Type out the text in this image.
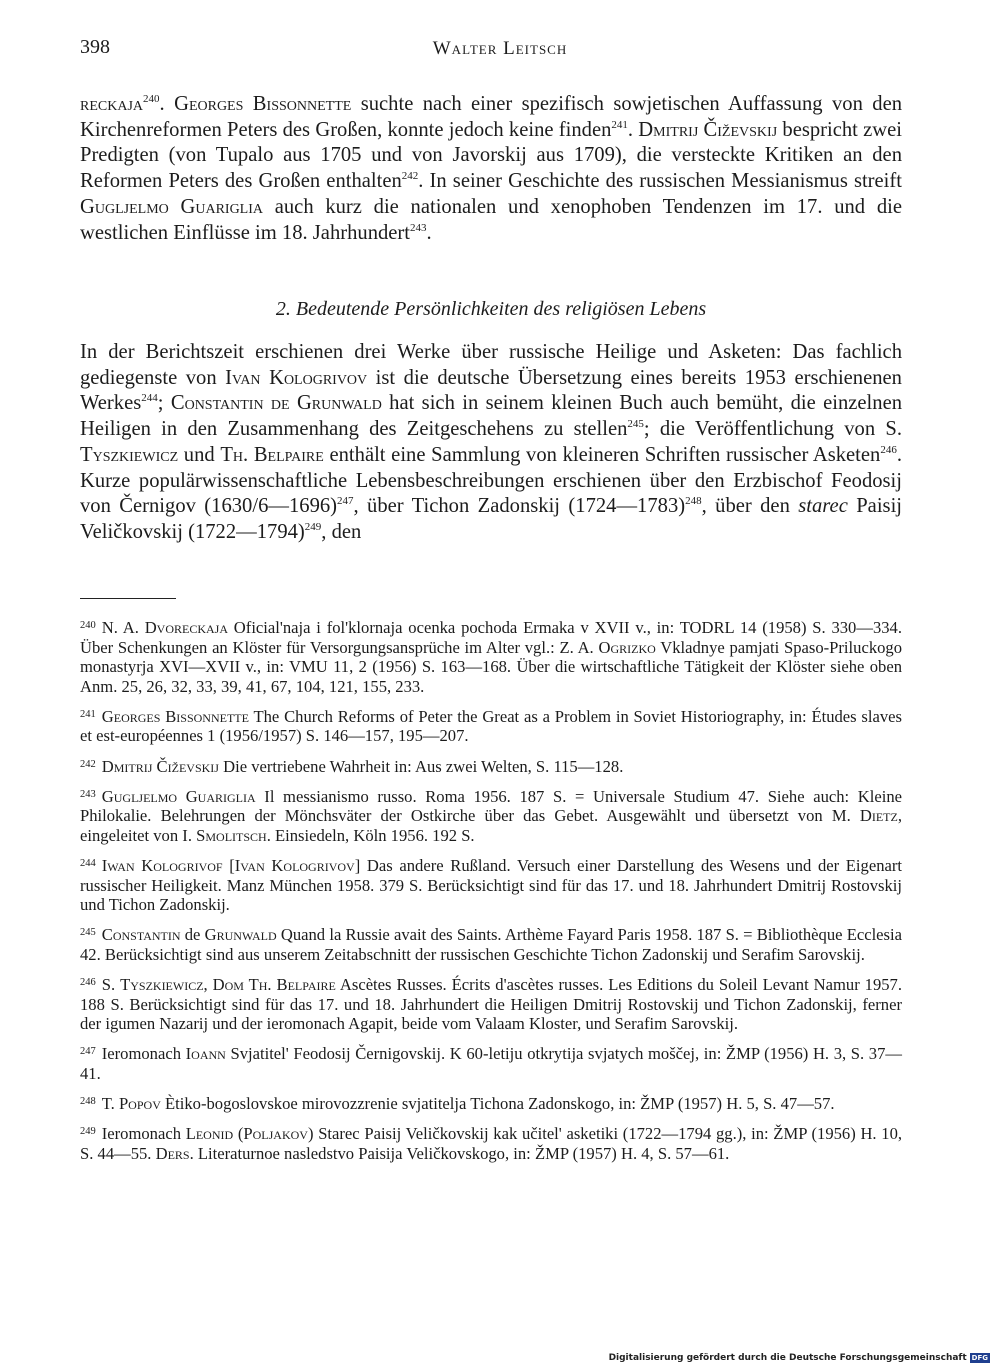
398	Walter Leitsch
reckaja$^{240}$. Georges Bissonnette suchte nach einer spezifisch sowjetischen Auffassung von den Kirchenreformen Peters des Großen, konnte jedoch keine finden$^{241}$. Dmitrij Čiževskij bespricht zwei Predigten (von Tupalo aus 1705 und von Javorskij aus 1709), die versteckte Kritiken an den Reformen Peters des Großen enthalten$^{242}$. In seiner Geschichte des russischen Messianismus streift Gugljelmo Guariglia auch kurz die nationalen und xenophoben Tendenzen im 17. und die westlichen Einflüsse im 18. Jahrhundert$^{243}$.
2. Bedeutende Persönlichkeiten des religiösen Lebens
In der Berichtszeit erschienen drei Werke über russische Heilige und Asketen: Das fachlich gediegenste von Ivan Kologrivov ist die deutsche Übersetzung eines bereits 1953 erschienenen Werkes$^{244}$; Constantin de Grunwald hat sich in seinem kleinen Buch auch bemüht, die einzelnen Heiligen in den Zusammenhang des Zeitgeschehens zu stellen$^{245}$; die Veröffentlichung von S. Tyszkiewicz und Th. Belpaire enthält eine Sammlung von kleineren Schriften russischer Asketen$^{246}$. Kurze populärwissenschaftliche Lebensbeschreibungen erschienen über den Erzbischof Feodosij von Černigov (1630/6—1696)$^{247}$, über Tichon Zadonskij (1724—1783)$^{248}$, über den starec Paisij Veličkovskij (1722—1794)$^{249}$, den
$^{240}$ N. A. Dvoreckaja Oficial'naja i fol'klornaja ocenka pochoda Ermaka v XVII v., in: TODRL 14 (1958) S. 330—334. Über Schenkungen an Klöster für Versorgungsansprüche im Alter vgl.: Z. A. Ogrizko Vkladnye pamjati Spaso-Priluckogo monastyrja XVI—XVII v., in: VMU 11, 2 (1956) S. 163—168. Über die wirtschaftliche Tätigkeit der Klöster siehe oben Anm. 25, 26, 32, 33, 39, 41, 67, 104, 121, 155, 233.
$^{241}$ Georges Bissonnette The Church Reforms of Peter the Great as a Problem in Soviet Historiography, in: Études slaves et est-européennes 1 (1956/1957) S. 146—157, 195—207.
$^{242}$ Dmitrij Čiževskij Die vertriebene Wahrheit in: Aus zwei Welten, S. 115—128.
$^{243}$ Gugljelmo Guariglia Il messianismo russo. Roma 1956. 187 S. = Universale Studium 47. Siehe auch: Kleine Philokalie. Belehrungen der Mönchsväter der Ostkirche über das Gebet. Ausgewählt und übersetzt von M. Dietz, eingeleitet von I. Smolitsch. Einsiedeln, Köln 1956. 192 S.
$^{244}$ Iwan Kologrivof [Ivan Kologrivov] Das andere Rußland. Versuch einer Darstellung des Wesens und der Eigenart russischer Heiligkeit. Manz München 1958. 379 S. Berücksichtigt sind für das 17. und 18. Jahrhundert Dmitrij Rostovskij und Tichon Zadonskij.
$^{245}$ Constantin de Grunwald Quand la Russie avait des Saints. Arthème Fayard Paris 1958. 187 S. = Bibliothèque Ecclesia 42. Berücksichtigt sind aus unserem Zeitabschnitt der russischen Geschichte Tichon Zadonskij und Serafim Sarovskij.
$^{246}$ S. Tyszkiewicz, Dom Th. Belpaire Ascètes Russes. Écrits d'ascètes russes. Les Editions du Soleil Levant Namur 1957. 188 S. Berücksichtigt sind für das 17. und 18. Jahrhundert die Heiligen Dmitrij Rostovskij und Tichon Zadonskij, ferner der igumen Nazarij und der ieromonach Agapit, beide vom Valaam Kloster, und Serafim Sarovskij.
$^{247}$ Ieromonach Ioann Svjatitel' Feodosij Černigovskij. K 60-letiju otkrytija svjatych moščej, in: ŽMP (1956) H. 3, S. 37—41.
$^{248}$ T. Popov Ètiko-bogoslovskoe mirovozzrenie svjatitelja Tichona Zadonskogo, in: ŽMP (1957) H. 5, S. 47—57.
$^{249}$ Ieromonach Leonid (Poljakov) Starec Paisij Veličkovskij kak učitel' asketiki (1722—1794 gg.), in: ŽMP (1956) H. 10, S. 44—55. Ders. Literaturnoe nasledstvo Paisija Veličkovskogo, in: ŽMP (1957) H. 4, S. 57—61.
Digitalisierung gefördert durch die Deutsche Forschungsgemeinschaft DFG
